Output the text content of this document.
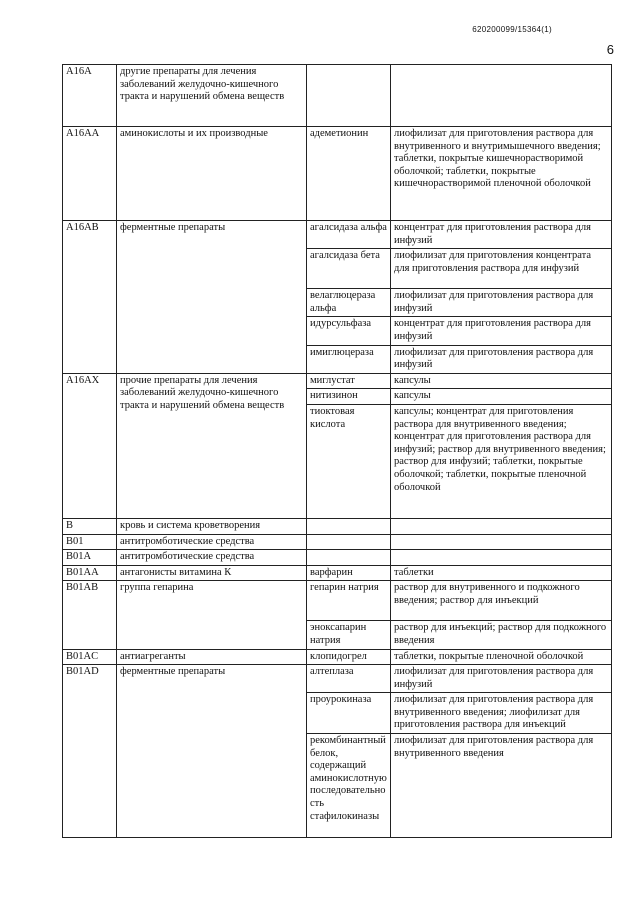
620200099/15364(1)
6
A16A	другие препараты для лечения заболеваний желудочно-кишечного тракта и нарушений обмена веществ		
A16AA	аминокислоты и их производные	адеметионин	лиофилизат для приготовления раствора для внутривенного и внутримышечного введения; таблетки, покрытые кишечнорастворимой оболочкой; таблетки, покрытые кишечнорастворимой пленочной оболочкой
A16AB	ферментные препараты	агалсидаза альфа	концентрат для приготовления раствора для инфузий
		агалсидаза бета	лиофилизат для приготовления концентрата для приготовления раствора для инфузий
		велаглюцераза альфа	лиофилизат для приготовления раствора для инфузий
		идурсульфаза	концентрат для приготовления раствора для инфузий
		имиглюцераза	лиофилизат для приготовления раствора для инфузий
A16AX	прочие препараты для лечения заболеваний желудочно-кишечного тракта и нарушений обмена веществ	миглустат	капсулы
		нитизинон	капсулы
		тиоктовая кислота	капсулы; концентрат для приготовления раствора для внутривенного введения; концентрат для приготовления раствора для инфузий; раствор для внутривенного введения; раствор для инфузий; таблетки, покрытые оболочкой; таблетки, покрытые пленочной оболочкой
B	кровь и система кроветворения		
B01	антитромботические средства		
B01A	антитромботические средства		
B01AA	антагонисты витамина К	варфарин	таблетки
B01AB	группа гепарина	гепарин натрия	раствор для внутривенного и подкожного введения; раствор для инъекций
		эноксапарин натрия	раствор для инъекций; раствор для подкожного введения
B01AC	антиагреганты	клопидогрел	таблетки, покрытые пленочной оболочкой
B01AD	ферментные препараты	алтеплаза	лиофилизат для приготовления раствора для инфузий
		проурокиназа	лиофилизат для приготовления раствора для внутривенного введения; лиофилизат для приготовления раствора для инъекций
		рекомбинантный белок, содержащий аминокислотную последовательность стафилокиназы	лиофилизат для приготовления раствора для внутривенного введения
